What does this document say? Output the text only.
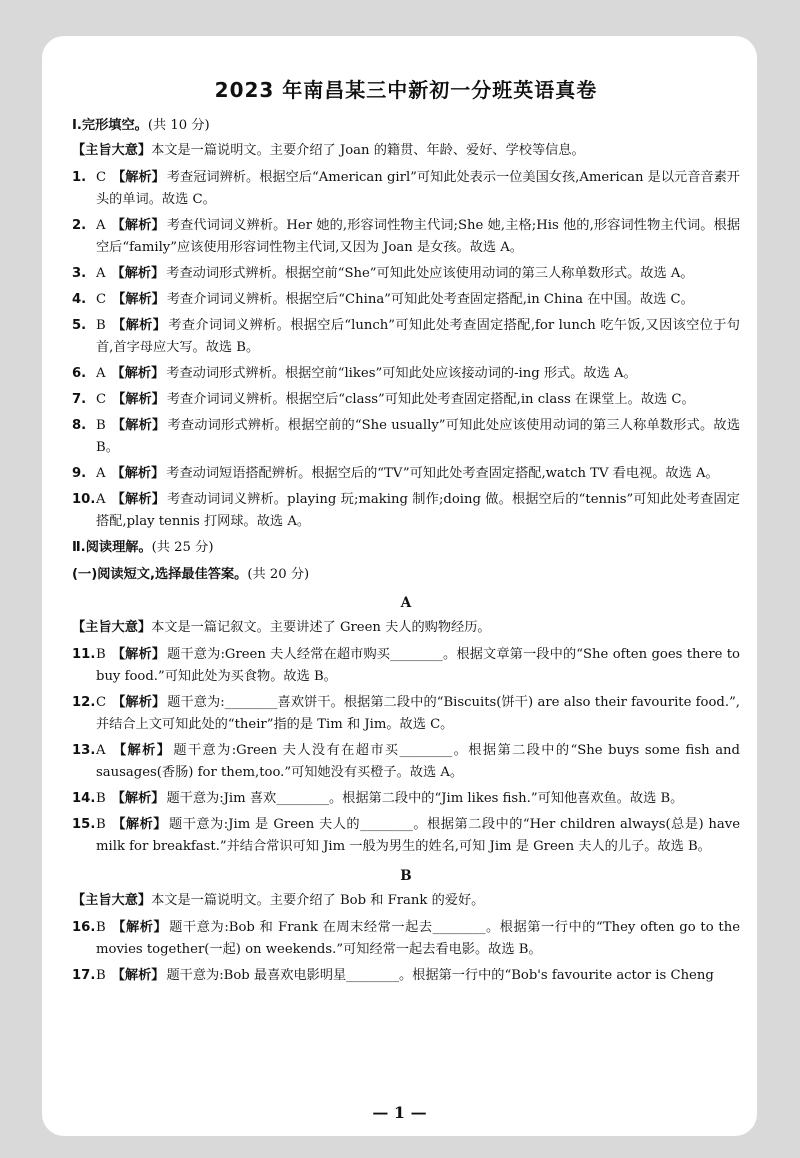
2023 年南昌某三中新初一分班英语真卷

Ⅰ.完形填空。(共 10 分)

【主旨大意】本文是一篇说明文。主要介绍了 Joan 的籍贯、年龄、爱好、学校等信息。

1. C 【解析】 考查冠词辨析。根据空后“American girl”可知此处表示一位美国女孩,American 是以元音音素开头的单词。故选 C。
2. A 【解析】 考查代词词义辨析。Her 她的,形容词性物主代词;She 她,主格;His 他的,形容词性物主代词。根据空后“family”应该使用形容词性物主代词,又因为 Joan 是女孩。故选 A。
3. A 【解析】 考查动词形式辨析。根据空前“She”可知此处应该使用动词的第三人称单数形式。故选 A。
4. C 【解析】 考查介词词义辨析。根据空后“China”可知此处考查固定搭配,in China 在中国。故选 C。
5. B 【解析】 考查介词词义辨析。根据空后“lunch”可知此处考查固定搭配,for lunch 吃午饭,又因该空位于句首,首字母应大写。故选 B。
6. A 【解析】 考查动词形式辨析。根据空前“likes”可知此处应该接动词的-ing 形式。故选 A。
7. C 【解析】 考查介词词义辨析。根据空后“class”可知此处考查固定搭配,in class 在课堂上。故选 C。
8. B 【解析】 考查动词形式辨析。根据空前的“She usually”可知此处应该使用动词的第三人称单数形式。故选 B。
9. A 【解析】 考查动词短语搭配辨析。根据空后的“TV”可知此处考查固定搭配,watch TV 看电视。故选 A。
10. A 【解析】 考查动词词义辨析。playing 玩;making 制作;doing 做。根据空后的“tennis”可知此处考查固定搭配,play tennis 打网球。故选 A。

Ⅱ.阅读理解。(共 25 分)

(一)阅读短文,选择最佳答案。(共 20 分)

A

【主旨大意】本文是一篇记叙文。主要讲述了 Green 夫人的购物经历。

11. B 【解析】 题干意为:Green 夫人经常在超市购买________。根据文章第一段中的“She often goes there to buy food.”可知此处为买食物。故选 B。
12. C 【解析】 题干意为:________喜欢饼干。根据第二段中的“Biscuits(饼干) are also their favourite food.”,并结合上文可知此处的“their”指的是 Tim 和 Jim。故选 C。
13. A 【解析】 题干意为:Green 夫人没有在超市买________。根据第二段中的“She buys some fish and sausages(香肠) for them,too.”可知她没有买橙子。故选 A。
14. B 【解析】 题干意为:Jim 喜欢________。根据第二段中的“Jim likes fish.”可知他喜欢鱼。故选 B。
15. B 【解析】 题干意为:Jim 是 Green 夫人的________。根据第二段中的“Her children always(总是) have milk for breakfast.”并结合常识可知 Jim 一般为男生的姓名,可知 Jim 是 Green 夫人的儿子。故选 B。
B

【主旨大意】本文是一篇说明文。主要介绍了 Bob 和 Frank 的爱好。

16. B 【解析】 题干意为:Bob 和 Frank 在周末经常一起去________。根据第一行中的“They often go to the movies together(一起) on weekends.”可知经常一起去看电影。故选 B。
17. B 【解析】 题干意为:Bob 最喜欢电影明星________。根据第一行中的“Bob's favourite actor is Cheng
— 1 —
